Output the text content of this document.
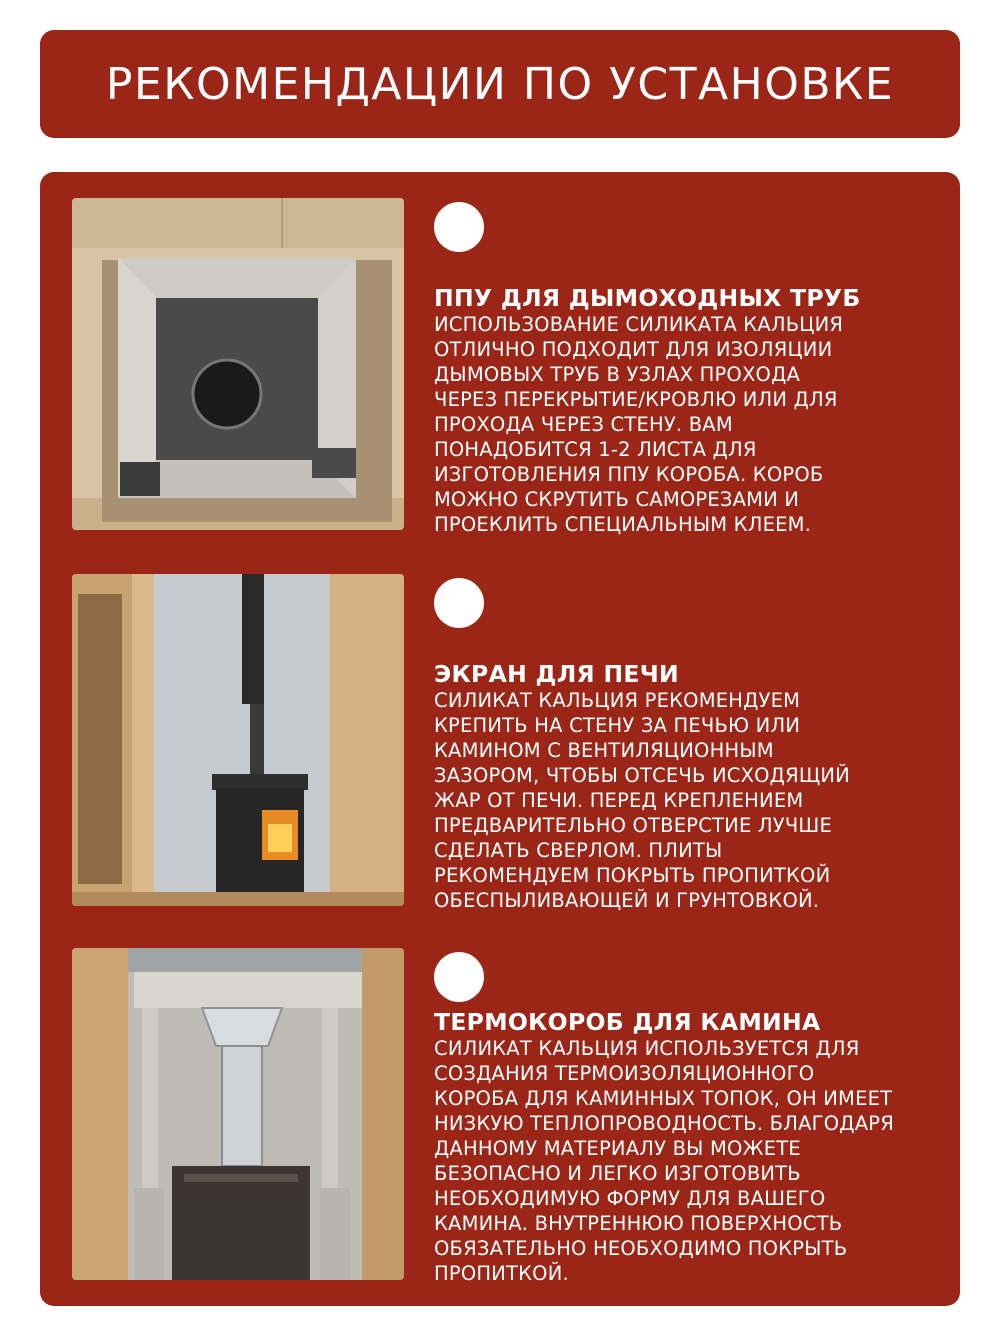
РЕКОМЕНДАЦИИ ПО УСТАНОВКЕ
ППУ ДЛЯ ДЫМОХОДНЫХ ТРУБ
ИСПОЛЬЗОВАНИЕ СИЛИКАТА КАЛЬЦИЯ
ОТЛИЧНО ПОДХОДИТ ДЛЯ ИЗОЛЯЦИИ
ДЫМОВЫХ ТРУБ В УЗЛАХ ПРОХОДА
ЧЕРЕЗ ПЕРЕКРЫТИЕ/КРОВЛЮ ИЛИ ДЛЯ
ПРОХОДА ЧЕРЕЗ СТЕНУ. ВАМ
ПОНАДОБИТСЯ 1-2 ЛИСТА ДЛЯ
ИЗГОТОВЛЕНИЯ ППУ КОРОБА. КОРОБ
МОЖНО СКРУТИТЬ САМОРЕЗАМИ И
ПРОЕКЛИТЬ СПЕЦИАЛЬНЫМ КЛЕЕМ.
ЭКРАН ДЛЯ ПЕЧИ
СИЛИКАТ КАЛЬЦИЯ РЕКОМЕНДУЕМ
КРЕПИТЬ НА СТЕНУ ЗА ПЕЧЬЮ ИЛИ
КАМИНОМ С ВЕНТИЛЯЦИОННЫМ
ЗАЗОРОМ, ЧТОБЫ ОТСЕЧЬ ИСХОДЯЩИЙ
ЖАР ОТ ПЕЧИ. ПЕРЕД КРЕПЛЕНИЕМ
ПРЕДВАРИТЕЛЬНО ОТВЕРСТИЕ ЛУЧШЕ
СДЕЛАТЬ СВЕРЛОМ. ПЛИТЫ
РЕКОМЕНДУЕМ ПОКРЫТЬ ПРОПИТКОЙ
ОБЕСПЫЛИВАЮЩЕЙ И ГРУНТОВКОЙ.
ТЕРМОКОРОБ ДЛЯ КАМИНА
СИЛИКАТ КАЛЬЦИЯ ИСПОЛЬЗУЕТСЯ ДЛЯ
СОЗДАНИЯ ТЕРМОИЗОЛЯЦИОННОГО
КОРОБА ДЛЯ КАМИННЫХ ТОПОК, ОН ИМЕЕТ
НИЗКУЮ ТЕПЛОПРОВОДНОСТЬ. БЛАГОДАРЯ
ДАННОМУ МАТЕРИАЛУ ВЫ МОЖЕТЕ
БЕЗОПАСНО И ЛЕГКО ИЗГОТОВИТЬ
НЕОБХОДИМУЮ ФОРМУ ДЛЯ ВАШЕГО
КАМИНА. ВНУТРЕННЮЮ ПОВЕРХНОСТЬ
ОБЯЗАТЕЛЬНО НЕОБХОДИМО ПОКРЫТЬ
ПРОПИТКОЙ.
